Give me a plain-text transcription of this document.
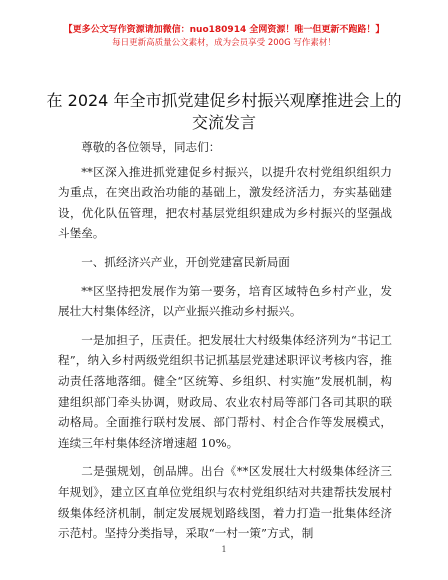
【更多公文写作资源请加微信：nuo180914 全网资源！唯一但更新不跑路！】
每日更新高质量公文素材，成为会员享受 200G 写作素材！
在 2024 年全市抓党建促乡村振兴观摩推进会上的交流发言

尊敬的各位领导，同志们：

**区深入推进抓党建促乡村振兴，以提升农村党组织组织力为重点，在突出政治功能的基础上，激发经济活力，夯实基础建设，优化队伍管理，把农村基层党组织建成为乡村振兴的坚强战斗堡垒。

一、抓经济兴产业，开创党建富民新局面

**区坚持把发展作为第一要务，培育区域特色乡村产业，发展壮大村集体经济，以产业振兴推动乡村振兴。

一是加担子，压责任。把发展壮大村级集体经济列为“书记工程”，纳入乡村两级党组织书记抓基层党建述职评议考核内容，推动责任落地落细。健全“区统筹、乡组织、村实施”发展机制，构建组织部门牵头协调，财政局、农业农村局等部门各司其职的联动格局。全面推行联村发展、部门帮村、村企合作等发展模式，连续三年村集体经济增速超 10%。

二是强规划，创品牌。出台《**区发展壮大村级集体经济三年规划》，建立区直单位党组织与农村党组织结对共建帮扶发展村级集体经济机制，制定发展规划路线图，着力打造一批集体经济示范村。坚持分类指导，采取“一村一策”方式，制

1
